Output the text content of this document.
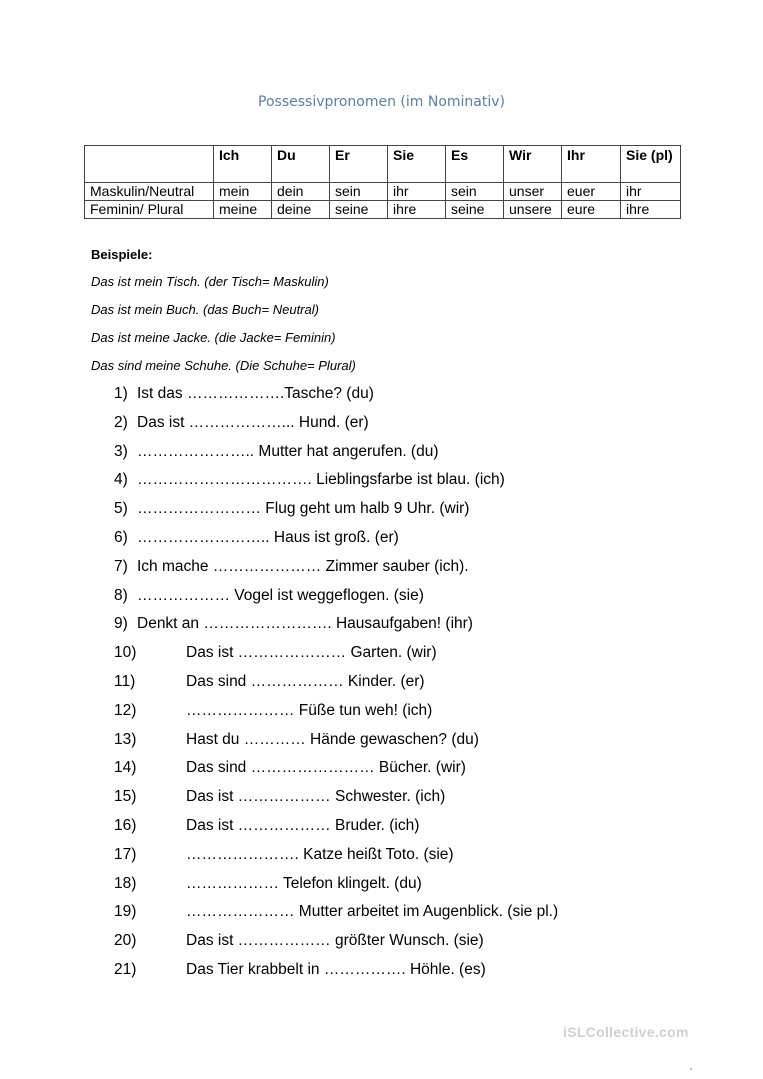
Possessivpronomen (im Nominativ)
	Ich	Du	Er	Sie	Es	Wir	Ihr	Sie (pl)
Maskulin/Neutral	mein	dein	sein	ihr	sein	unser	euer	ihr
Feminin/ Plural	meine	deine	seine	ihre	seine	unsere	eure	ihre
Beispiele:
Das ist mein Tisch. (der Tisch= Maskulin)
Das ist mein Buch. (das Buch= Neutral)
Das ist meine Jacke. (die Jacke= Feminin)
Das sind meine Schuhe. (Die Schuhe= Plural)
1) Ist das ……………….Tasche? (du)
2) Das ist ………………... Hund. (er)
3) ………………….. Mutter hat angerufen. (du)
4) ……………………………. Lieblingsfarbe ist blau. (ich)
5) …………………… Flug geht um halb 9 Uhr. (wir)
6) …………………….. Haus ist groß. (er)
7) Ich mache ………………… Zimmer sauber (ich).
8) ……………… Vogel ist weggeflogen. (sie)
9) Denkt an ……………………. Hausaufgaben! (ihr)
10)	Das ist ………………… Garten. (wir)
11)	Das sind ……………… Kinder. (er)
12)	………………… Füße tun weh! (ich)
13)	Hast du ………… Hände gewaschen? (du)
14)	Das sind …………………… Bücher. (wir)
15)	Das ist ……………… Schwester. (ich)
16)	Das ist ……………… Bruder. (ich)
17)	…………………. Katze heißt Toto. (sie)
18)	……………… Telefon klingelt. (du)
19)	………………… Mutter arbeitet im Augenblick. (sie pl.)
20)	Das ist ……………… größter Wunsch. (sie)
21)	Das Tier krabbelt in ……………. Höhle. (es)
iSLCollective.com
